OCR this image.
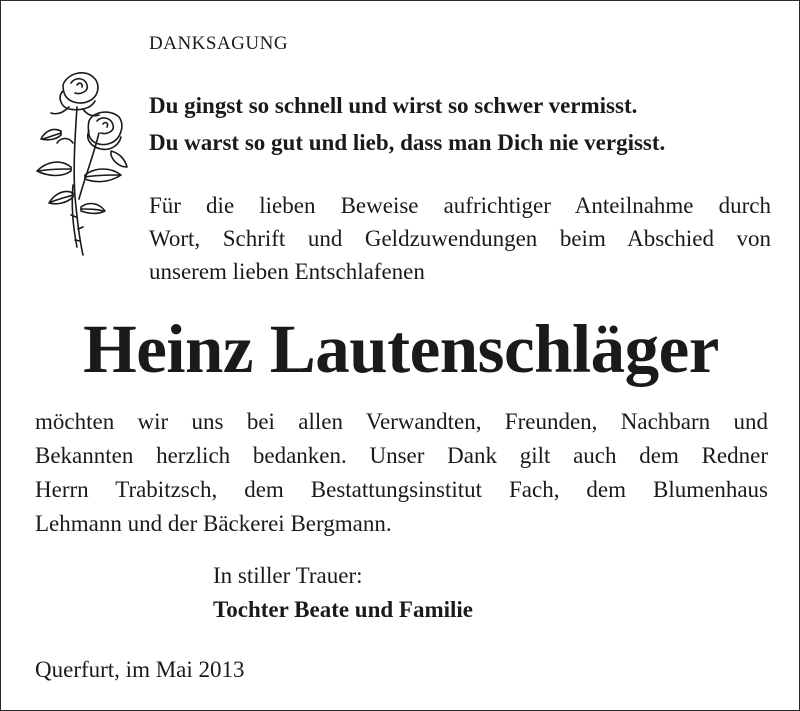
DANKSAGUNG
Du gingst so schnell und wirst so schwer vermisst.
Du warst so gut und lieb, dass man Dich nie vergisst.
Für die lieben Beweise aufrichtiger Anteilnahme durch
Wort, Schrift und Geldzuwendungen beim Abschied von
unserem lieben Entschlafenen
Heinz Lautenschläger
möchten wir uns bei allen Verwandten, Freunden, Nachbarn und
Bekannten herzlich bedanken. Unser Dank gilt auch dem Redner
Herrn Trabitzsch, dem Bestattungsinstitut Fach, dem Blumenhaus
Lehmann und der Bäckerei Bergmann.
In stiller Trauer:
Tochter Beate und Familie
Querfurt, im Mai 2013
